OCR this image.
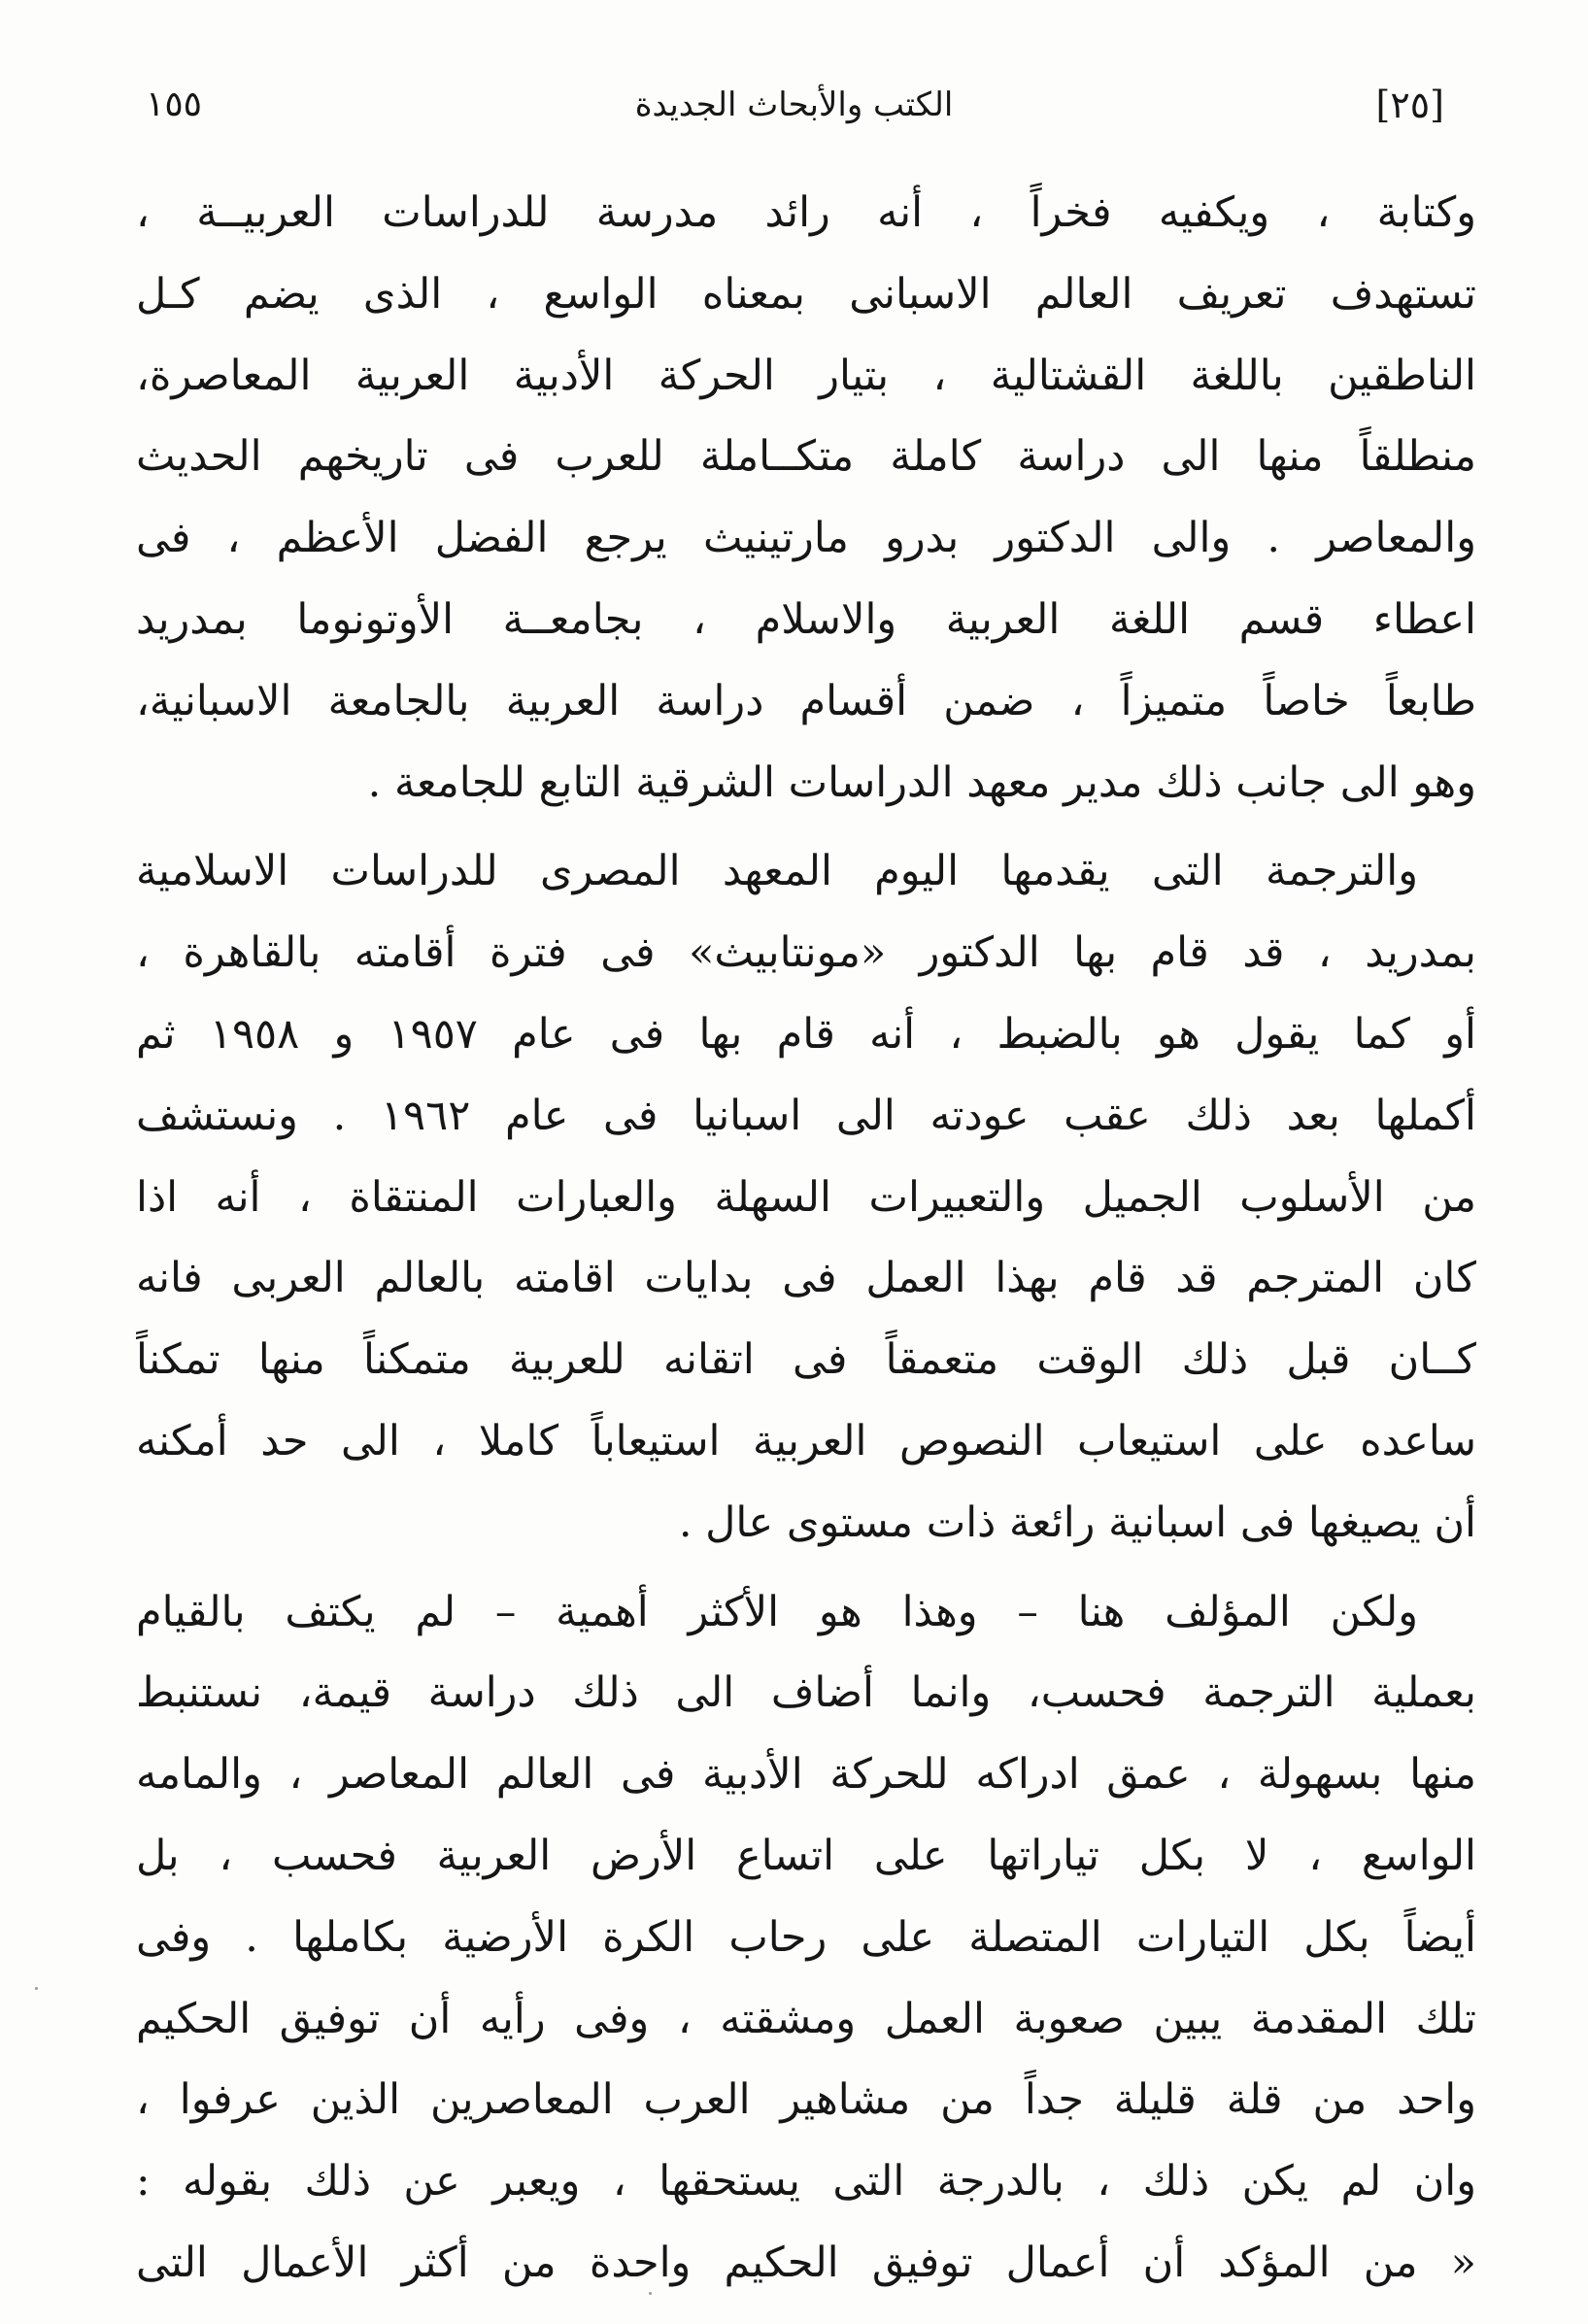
[٢٥]
الكتب والأبحاث الجديدة
١٥٥
وكتابة ، ويكفيه فخراً ، أنه رائد مدرسة للدراسات العربيــة ،
تستهدف تعريف العالم الاسبانى بمعناه الواسع ، الذى يضم كـل
الناطقين باللغة القشتالية ، بتيار الحركة الأدبية العربية المعاصرة،
منطلقاً منها الى دراسة كاملة متكــاملة للعرب فى تاريخهم الحديث
والمعاصر . والى الدكتور بدرو مارتينيث يرجع الفضل الأعظم ، فى
اعطاء قسم اللغة العربية والاسلام ، بجامعــة الأوتونوما بمدريد
طابعاً خاصاً متميزاً ، ضمن أقسام دراسة العربية بالجامعة الاسبانية،
وهو الى جانب ذلك مدير معهد الدراسات الشرقية التابع للجامعة .
والترجمة التى يقدمها اليوم المعهد المصرى للدراسات الاسلامية
بمدريد ، قد قام بها الدكتور «مونتابيث» فى فترة أقامته بالقاهرة ،
أو كما يقول هو بالضبط ، أنه قام بها فى عام ١٩٥٧ و ١٩٥٨ ثم
أكملها بعد ذلك عقب عودته الى اسبانيا فى عام ١٩٦٢ . ونستشف
من الأسلوب الجميل والتعبيرات السهلة والعبارات المنتقاة ، أنه اذا
كان المترجم قد قام بهذا العمل فى بدايات اقامته بالعالم العربى فانه
كــان قبل ذلك الوقت متعمقاً فى اتقانه للعربية متمكناً منها تمكناً
ساعده على استيعاب النصوص العربية استيعاباً كاملا ، الى حد أمكنه
أن يصيغها فى اسبانية رائعة ذات مستوى عال .
ولكن المؤلف هنا – وهذا هو الأكثر أهمية – لم يكتف بالقيام
بعملية الترجمة فحسب، وانما أضاف الى ذلك دراسة قيمة، نستنبط
منها بسهولة ، عمق ادراكه للحركة الأدبية فى العالم المعاصر ، والمامه
الواسع ، لا بكل تياراتها على اتساع الأرض العربية فحسب ، بل
أيضاً بكل التيارات المتصلة على رحاب الكرة الأرضية بكاملها . وفى
تلك المقدمة يبين صعوبة العمل ومشقته ، وفى رأيه أن توفيق الحكيم
واحد من قلة قليلة جداً من مشاهير العرب المعاصرين الذين عرفوا ،
وان لم يكن ذلك ، بالدرجة التى يستحقها ، ويعبر عن ذلك بقوله :
« من المؤكد أن أعمال توفيق الحكيم واحدة من أكثر الأعمال التى
